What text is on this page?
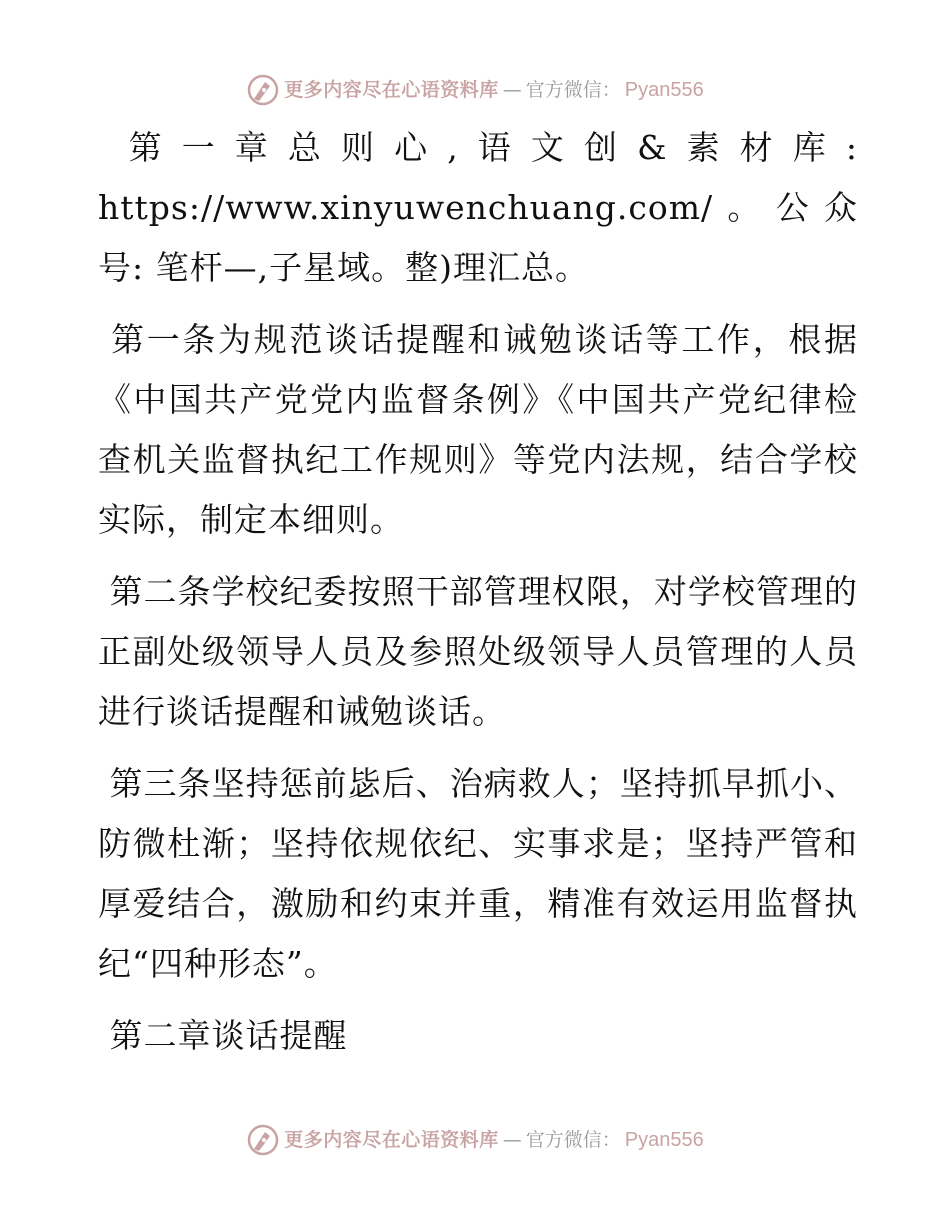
更多内容尽在心语资料库 — 官方微信： Pyan556

第一章总则心,语文创&素材库: https://www.xinyuwenchuang.com/。公众号: 笔杆—,子星域。整)理汇总。

第一条为规范谈话提醒和诫勉谈话等工作，根据《中国共产党党内监督条例》《中国共产党纪律检查机关监督执纪工作规则》等党内法规，结合学校实际，制定本细则。

第二条学校纪委按照干部管理权限，对学校管理的正副处级领导人员及参照处级领导人员管理的人员进行谈话提醒和诫勉谈话。

第三条坚持惩前毖后、治病救人；坚持抓早抓小、防微杜渐；坚持依规依纪、实事求是；坚持严管和厚爱结合，激励和约束并重，精准有效运用监督执纪“四种形态”。

第二章谈话提醒

更多内容尽在心语资料库 — 官方微信： Pyan556
